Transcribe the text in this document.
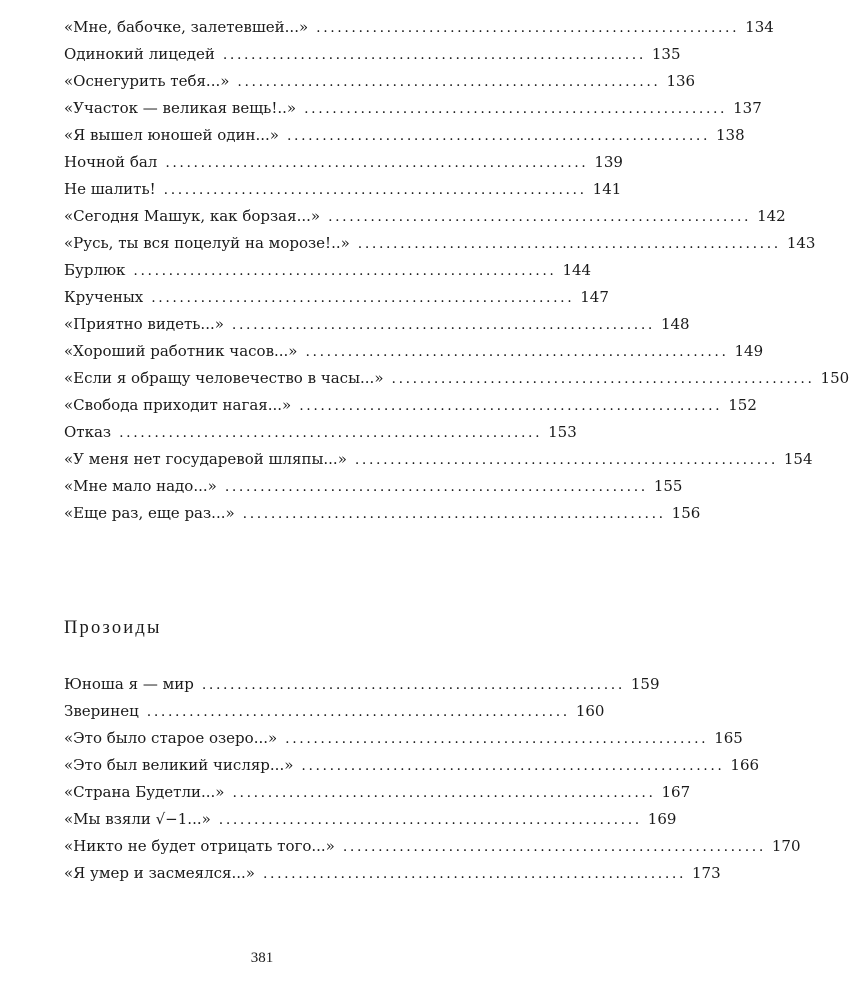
«Мне, бабочке, залетевшей...» ............................................................ 134
Одинокий лицедей ............................................................ 135
«Оснегурить тебя...» ............................................................ 136
«Участок — великая вещь!..» ............................................................ 137
«Я вышел юношей один...» ............................................................ 138
Ночной бал ............................................................ 139
Не шалить! ............................................................ 141
«Сегодня Машук, как борзая...» ............................................................ 142
«Русь, ты вся поцелуй на морозе!..» ............................................................ 143
Бурлюк ............................................................ 144
Крученых ............................................................ 147
«Приятно видеть...» ............................................................ 148
«Хороший работник часов...» ............................................................ 149
«Если я обращу человечество в часы...» ............................................................ 150
«Свобода приходит нагая...» ............................................................ 152
Отказ ............................................................ 153
«У меня нет государевой шляпы...» ............................................................ 154
«Мне мало надо...» ............................................................ 155
«Еще раз, еще раз...» ............................................................ 156
Прозоиды
Юноша я — мир ............................................................ 159
Зверинец ............................................................ 160
«Это было старое озеро...» ............................................................ 165
«Это был великий числяр...» ............................................................ 166
«Страна Будетли...» ............................................................ 167
«Мы взяли √−1...» ............................................................ 169
«Никто не будет отрицать того...» ............................................................ 170
«Я умер и засмеялся...» ............................................................ 173
381
